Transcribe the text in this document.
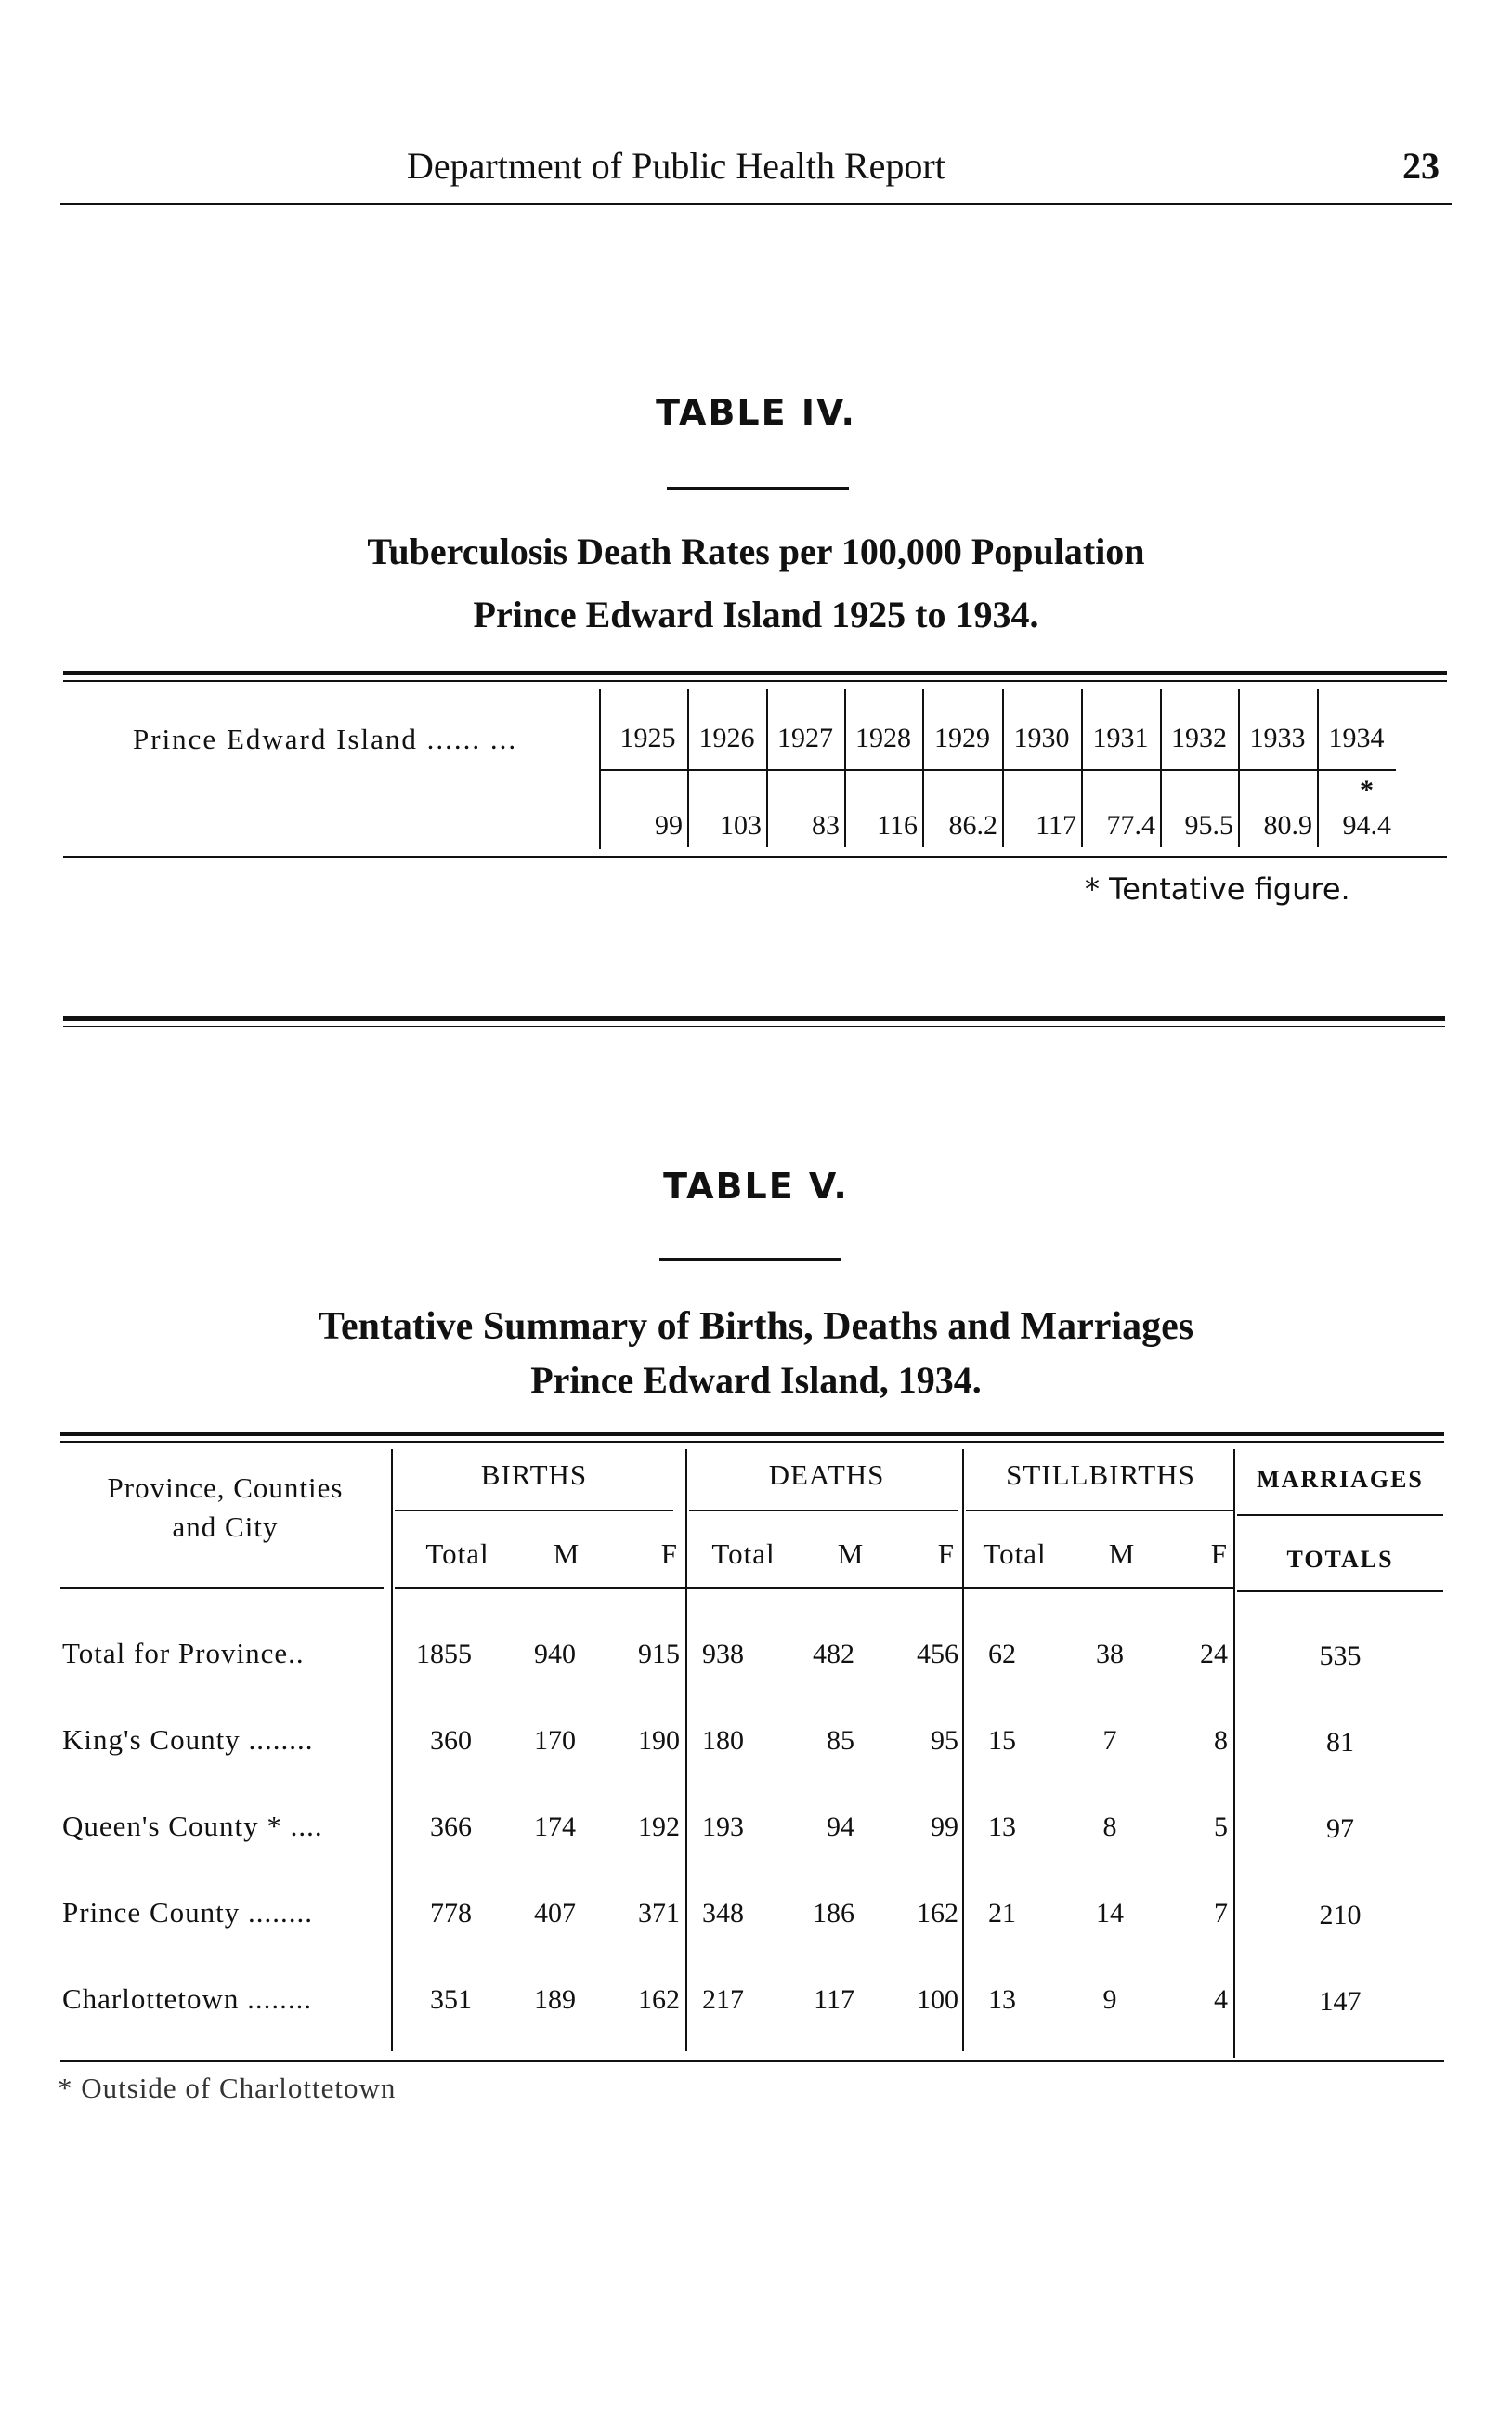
Department of Public Health Report	23
TABLE IV.
Tuberculosis Death Rates per 100,000 Population
Prince Edward Island 1925 to 1934.
Prince Edward Island ...... ...	1925 1926 1927 1928 1929 1930 1931 1932 1933 1934
99	103	83	116	86.2	117	77.4	95.5	80.9	94.4
*
* Tentative figure.
TABLE V.
Tentative Summary of Births, Deaths and Marriages
Prince Edward Island, 1934.
Province, Counties
and City
BIRTHS	DEATHS	STILLBIRTHS	MARRIAGES
Total	M	F	Total	M	F Total	M	F	TOTALS
Total for Province..	1855	940	915 938	482	456 62	38	24	535
King's County ........	360	170	190 180	85	95 15	7	8	81
Queen's County * ....	366	174	192 193	94	99 13	8	5	97
Prince County ........	778	407	371 348	186	162 21	14	7	210
Charlottetown ........	351	189	162 217	117	100 13	9	4	147
* Outside of Charlottetown
